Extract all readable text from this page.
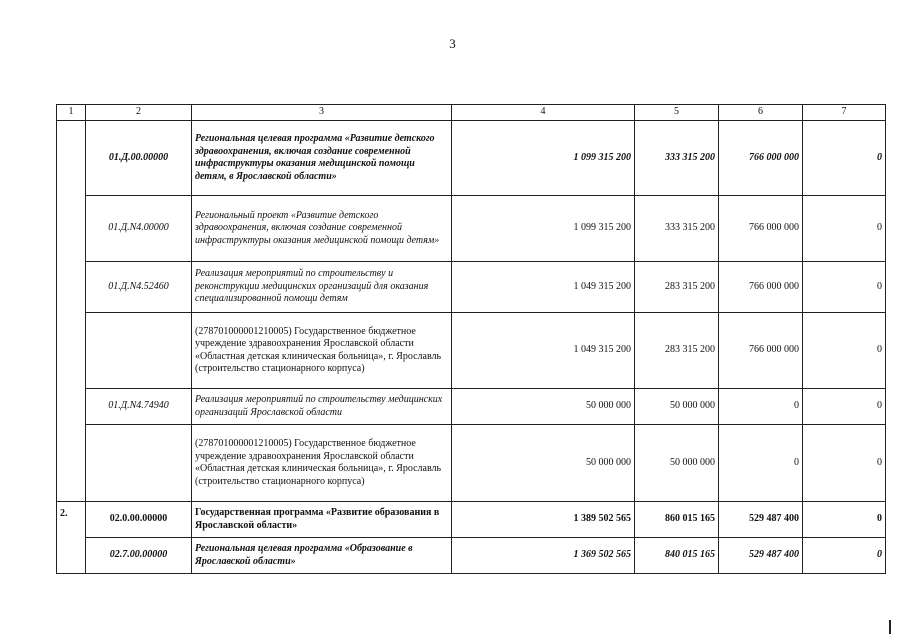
3
1	2	3	4	5	6	7
	01.Д.00.00000	Региональная целевая программа «Развитие детского здравоохранения, включая создание современной инфраструктуры оказания медицинской помощи детям, в Ярославской области»	1 099 315 200	333 315 200	766 000 000	0
	01.Д.N4.00000	Региональный проект «Развитие детского здравоохранения, включая создание современной инфраструктуры оказания медицинской помощи детям»	1 099 315 200	333 315 200	766 000 000	0
	01.Д.N4.52460	Реализация мероприятий по строительству и реконструкции медицинских организаций для оказания специализированной помощи детям	1 049 315 200	283 315 200	766 000 000	0
		(278701000001210005) Государственное бюджетное учреждение здравоохранения Ярославской области «Областная детская клиническая больница», г. Ярославль (строительство стационарного корпуса)	1 049 315 200	283 315 200	766 000 000	0
	01.Д.N4.74940	Реализация мероприятий по строительству медицинских организаций Ярославской области	50 000 000	50 000 000	0	0
		(278701000001210005) Государственное бюджетное учреждение здравоохранения Ярославской области «Областная детская клиническая больница», г. Ярославль (строительство стационарного корпуса)	50 000 000	50 000 000	0	0
2.	02.0.00.00000	Государственная программа «Развитие образования в Ярославской области»	1 389 502 565	860 015 165	529 487 400	0
	02.7.00.00000	Региональная целевая программа «Образование в Ярославской области»	1 369 502 565	840 015 165	529 487 400	0
